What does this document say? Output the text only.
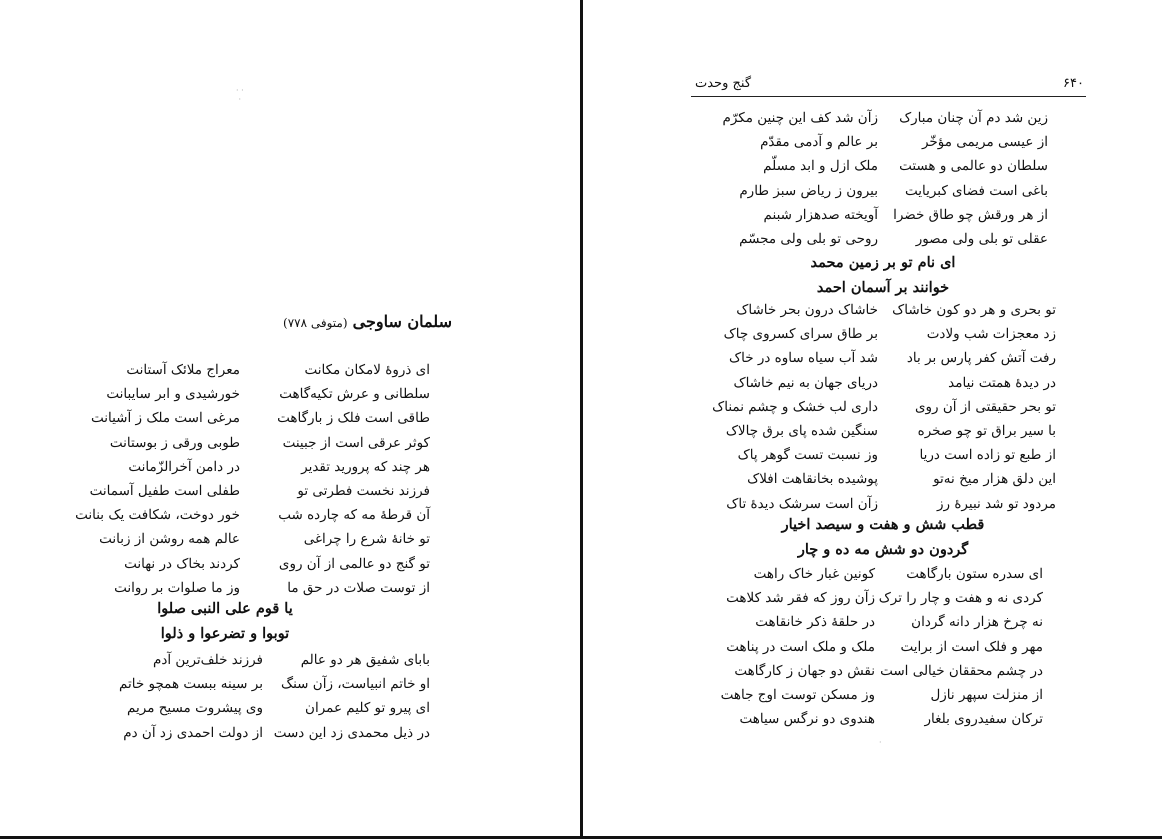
· ·
·
سلمان ساوجی (متوفی ۷۷۸)
ای ذروهٔ لامکان مکانت
معراج ملائک آستانت
سلطانی و عرش تکیه‌گاهت
خورشیدی و ابر سایبانت
طاقی است فلک ز بارگاهت
مرغی است ملک ز آشیانت
کوثر عرقی است از جبینت
طوبی ورقی ز بوستانت
هر چند که پرورید تقدیر
در دامن آخرالزّمانت
فرزند نخست فطرتی تو
طفلی است طفیل آسمانت
آن قرطهٔ مه که چارده شب
خور دوخت، شکافت یک بنانت
تو خانهٔ شرع را چراغی
عالم همه روشن از زبانت
تو گنج دو عالمی از آن روی
کردند بخاک در نهانت
از توست صلات در حق ما
وز ما صلوات بر روانت
یا قوم علی النبی صلوا
توبوا و تضرعوا و ذلوا
بابای شفیق هر دو عالم
فرزند خلف‌ترین آدم
او خاتم انبیاست، زآن سنگ
بر سینه ببست همچو خاتم
ای پیرو تو کلیم عمران
وی پیشروت مسیح مریم
در ذیل محمدی زد این دست
از دولت احمدی زد آن دم
۶۴۰
گنج وحدت
زین شد دم آن چنان مبارک
زآن شد کف این چنین مکرّم
از عیسی مریمی مؤخّر
بر عالم و آدمی مقدّم
سلطان دو عالمی و هستت
ملک ازل و ابد مسلّم
باغی است فضای کبریایت
بیرون ز ریاض سبز طارم
از هر ورقش چو طاق خضرا
آویخته صدهزار شبنم
عقلی تو بلی ولی مصور
روحی تو بلی ولی مجسّم
ای نام تو بر زمین محمد
خوانند بر آسمان احمد
تو بحری و هر دو کون خاشاک
خاشاک درون بحر خاشاک
زد معجزات شب ولادت
بر طاق سرای کسروی چاک
رفت آتش کفر پارس بر باد
شد آب سیاه ساوه در خاک
در دیدهٔ همتت نیامد
دریای جهان به نیم خاشاک
تو بحر حقیقتی از آن روی
داری لب خشک و چشم نمناک
با سیر براق تو چو صخره
سنگین شده پای برق چالاک
از طبع تو زاده است دریا
وز نسبت تست گوهر پاک
این دلق هزار میخ نه‌تو
پوشیده بخانقاهت افلاک
مردود تو شد نبیرهٔ رز
زآن است سرشک دیدهٔ تاک
قطب شش و هفت و سیصد اخیار
گردون دو شش مه ده و چار
ای سدره ستون بارگاهت
کونین غبار خاک راهت
کردی نه و هفت و چار را ترک
زآن روز که فقر شد کلاهت
نه چرخ هزار دانه گردان
در حلقهٔ ذکر خانقاهت
مهر و فلک است از برایت
ملک و ملک است در پناهت
در چشم محققان خیالی است
نقش دو جهان ز کارگاهت
از منزلت سپهر نازل
وز مسکن توست اوج جاهت
ترکان سفیدروی بلغار
هندوی دو نرگس سیاهت
·
